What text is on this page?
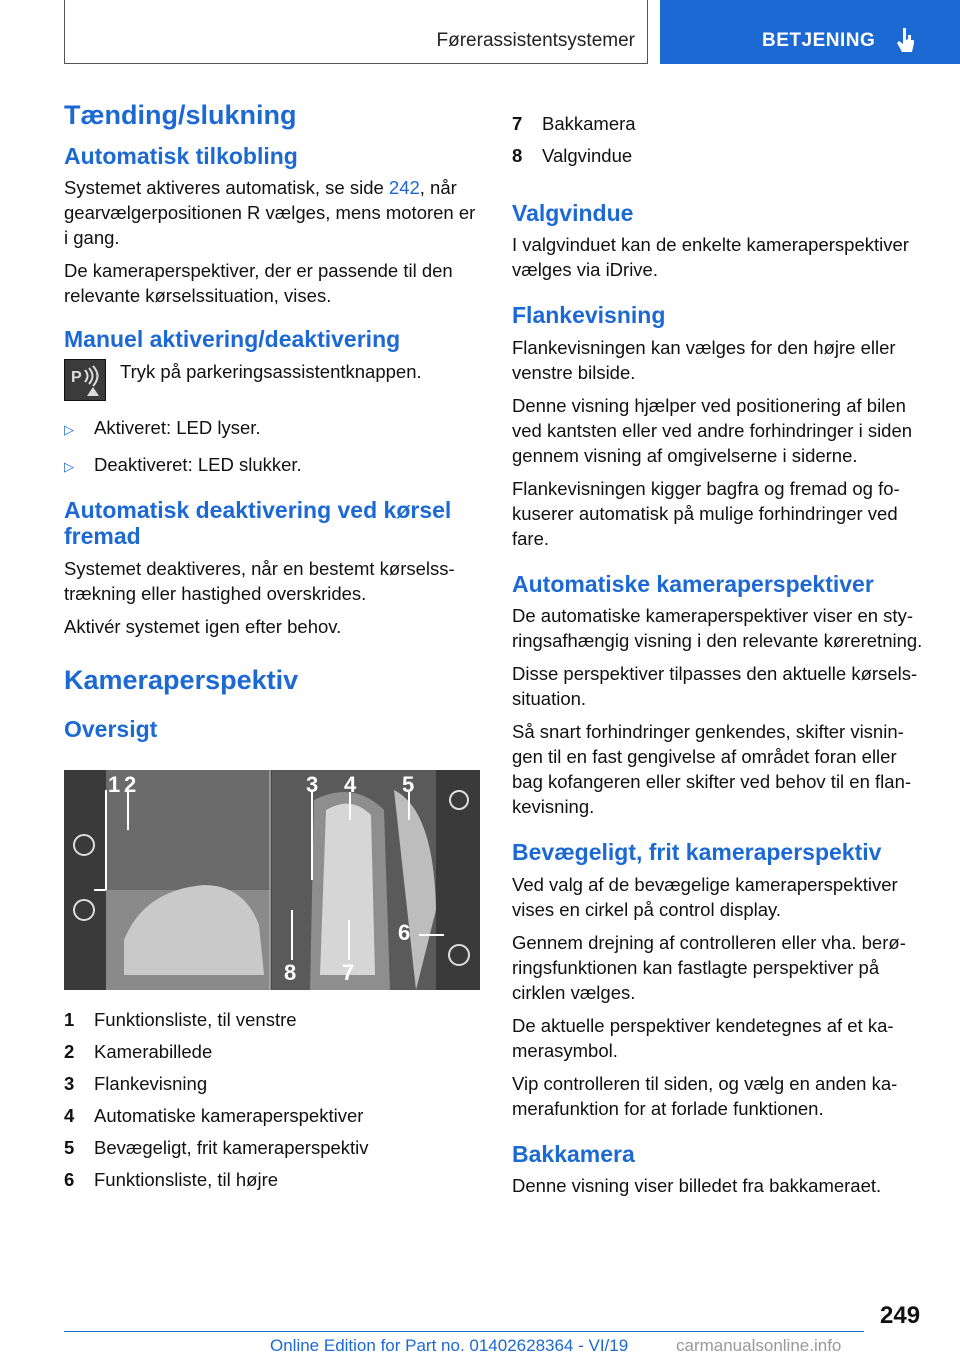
Førerassistentsystemer	BETJENING
Tænding/slukning
Automatisk tilkobling

Systemet aktiveres automatisk, se side 242, når gearvælgerpositionen R vælges, mens motoren er i gang.

De kameraperspektiver, der er passende til den relevante kørselssituation, vises.

Manuel aktivering/deaktivering
P Tryk på parkeringsassistentknappen.

▷	Aktiveret: LED lyser.
▷	Deaktiveret: LED slukker.
Automatisk deaktivering ved kørsel fremad

Systemet deaktiveres, når en bestemt kørselsstrækning eller hastighed overskrides.

Aktivér systemet igen efter behov.

Kameraperspektiv
Oversigt
1 2	3 4 5
6
7
8
1	Funktionsliste, til venstre
2	Kamerabillede
3	Flankevisning
4	Automatiske kameraperspektiver
5	Bevægeligt, frit kameraperspektiv
6	Funktionsliste, til højre
7	Bakkamera
8	Valgvindue
Valgvindue

I valgvinduet kan de enkelte kameraperspektiver vælges via iDrive.

Flankevisning

Flankevisningen kan vælges for den højre eller venstre bilside.

Denne visning hjælper ved positionering af bilen ved kantsten eller ved andre forhindringer i siden gennem visning af omgivelserne i siderne.

Flankevisningen kigger bagfra og fremad og fokuserer automatisk på mulige forhindringer ved fare.

Automatiske kameraperspektiver

De automatiske kameraperspektiver viser en styringsafhængig visning i den relevante køreretning.

Disse perspektiver tilpasses den aktuelle kørselssituation.

Så snart forhindringer genkendes, skifter visningen til en fast gengivelse af området foran eller bag kofangeren eller skifter ved behov til en flankevisning.

Bevægeligt, frit kameraperspektiv

Ved valg af de bevægelige kameraperspektiver vises en cirkel på control display.

Gennem drejning af controlleren eller vha. berøringsfunktionen kan fastlagte perspektiver på cirklen vælges.

De aktuelle perspektiver kendetegnes af et kamerasymbol.

Vip controlleren til siden, og vælg en anden kamerafunktion for at forlade funktionen.

Bakkamera

Denne visning viser billedet fra bakkameraet.

249
Online Edition for Part no. 01402628364 - VI/19	carmanualsonline.info
